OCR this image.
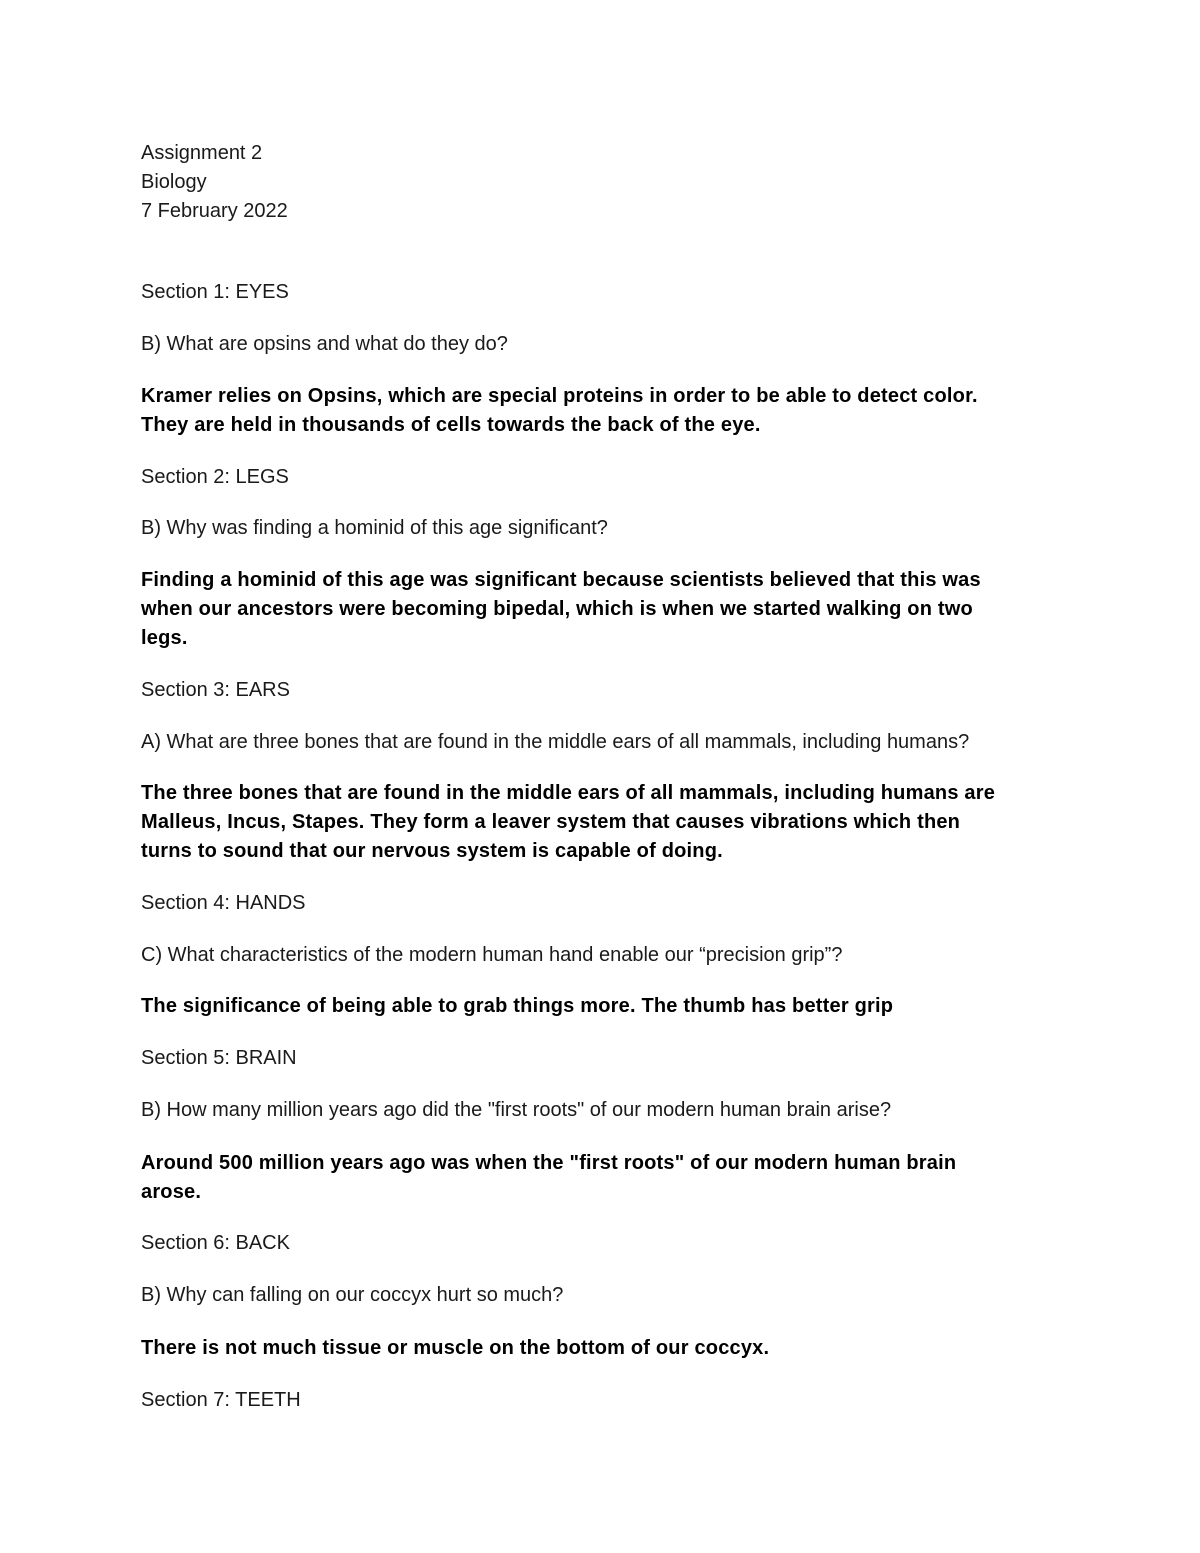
Assignment 2

Biology

7 February 2022

Section 1: EYES

B) What are opsins and what do they do?

Kramer relies on Opsins, which are special proteins in order to be able to detect color.

They are held in thousands of cells towards the back of the eye.

Section 2: LEGS

B) Why was finding a hominid of this age significant?

Finding a hominid of this age was significant because scientists believed that this was

when our ancestors were becoming bipedal, which is when we started walking on two

legs.

Section 3: EARS

A) What are three bones that are found in the middle ears of all mammals, including humans?

The three bones that are found in the middle ears of all mammals, including humans are

Malleus, Incus, Stapes. They form a leaver system that causes vibrations which then

turns to sound that our nervous system is capable of doing.

Section 4: HANDS

C) What characteristics of the modern human hand enable our “precision grip”?

The significance of being able to grab things more. The thumb has better grip

Section 5: BRAIN

B) How many million years ago did the "first roots" of our modern human brain arise?

Around 500 million years ago was when the "first roots" of our modern human brain

arose.

Section 6: BACK

B) Why can falling on our coccyx hurt so much?

There is not much tissue or muscle on the bottom of our coccyx.

Section 7: TEETH
